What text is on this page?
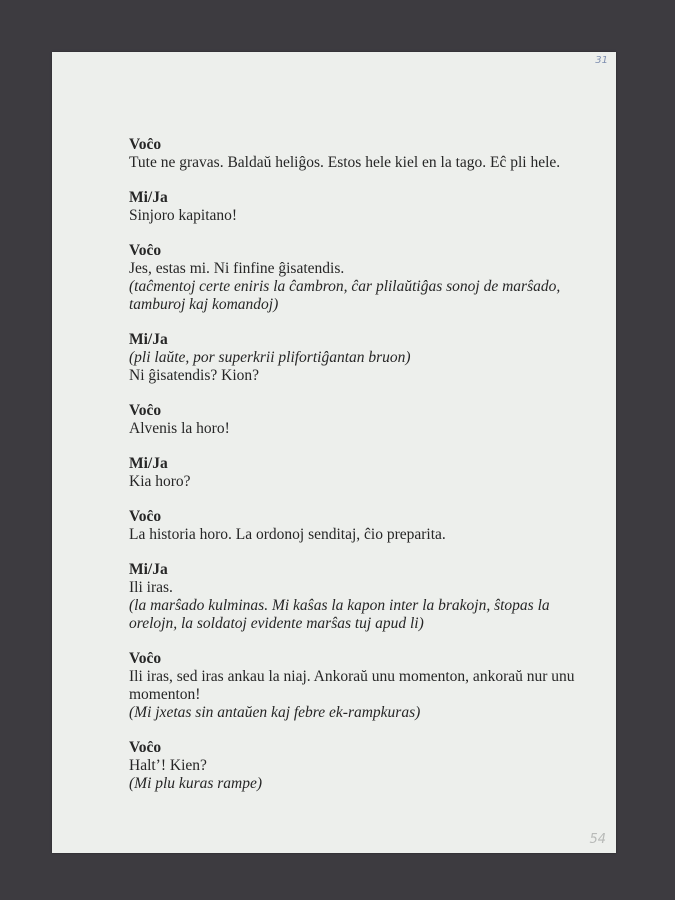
31
Voĉo
Tute ne gravas. Baldaŭ heliĝos. Estos hele kiel en la tago. Eĉ pli hele.
Mi/Ja
Sinjoro kapitano!
Voĉo
Jes, estas mi. Ni finfine ĝisatendis.
(taĉmentoj certe eniris la ĉambron, ĉar plilaŭtiĝas sonoj de marŝado, tamburoj kaj komandoj)
Mi/Ja
(pli laŭte, por superkrii plifortiĝantan bruon)
Ni ĝisatendis? Kion?
Voĉo
Alvenis la horo!
Mi/Ja
Kia horo?
Voĉo
La historia horo. La ordonoj senditaj, ĉio preparita.
Mi/Ja
Ili iras.
(la marŝado kulminas. Mi kaŝas la kapon inter la brakojn, ŝtopas la orelojn, la soldatoj evidente marŝas tuj apud li)
Voĉo
Ili iras, sed iras ankau la niaj. Ankoraŭ unu momenton, ankoraŭ nur unu momenton!
(Mi jxetas sin antaŭen kaj febre ek-rampkuras)
Voĉo
Halt’! Kien?
(Mi plu kuras rampe)
54
